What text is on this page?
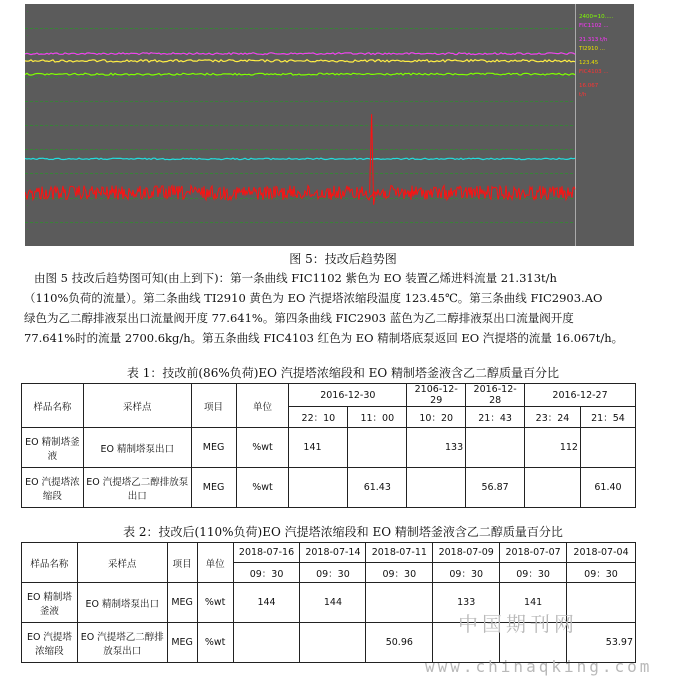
2400=10.....
FIC1102 ...
21.313 t/h
TI2910 ...
123.45
FIC4103 ...
16.067
t/h
·
·
·
·
·
·
·
·
·
·
图 5：技改后趋势图

由图 5 技改后趋势图可知(由上到下)：第一条曲线 FIC1102 紫色为 EO 装置乙烯进料流量 21.313t/h

（110%负荷的流量）。第二条曲线 TI2910 黄色为 EO 汽提塔浓缩段温度 123.45℃。第三条曲线 FIC2903.AO

绿色为乙二醇排液泵出口流量阀开度 77.641%。第四条曲线 FIC2903 蓝色为乙二醇排液泵出口流量阀开度

77.641%时的流量 2700.6kg/h。第五条曲线 FIC4103 红色为 EO 精制塔底泵返回 EO 汽提塔的流量 16.067t/h。

表 1：技改前(86%负荷)EO 汽提塔浓缩段和 EO 精制塔釜液含乙二醇质量百分比
样品名称	采样点	项目	单位	2016-12-30		2106-12-29	2016-12-28	2016-12-27	
				22：10	11：00	10：20	21：43	23：24	21：54
EO 精制塔釜液	EO 精制塔泵出口	MEG	%wt	141		133		112	
EO 汽提塔浓缩段	EO 汽提塔乙二醇排放泵出口	MEG	%wt		61.43		56.87		61.40
表 2：技改后(110%负荷)EO 汽提塔浓缩段和 EO 精制塔釜液含乙二醇质量百分比
样品名称	采样点	项目	单位	2018-07-16	2018-07-14	2018-07-11	2018-07-09	2018-07-07	2018-07-04
				09：30	09：30	09：30	09：30	09：30	09：30
EO 精制塔釜液	EO 精制塔泵出口	MEG	%wt	144	144		133	141	
EO 汽提塔浓缩段	EO 汽提塔乙二醇排放泵出口	MEG	%wt			50.96			53.97
中国期刊网
www.chinaqking.com
